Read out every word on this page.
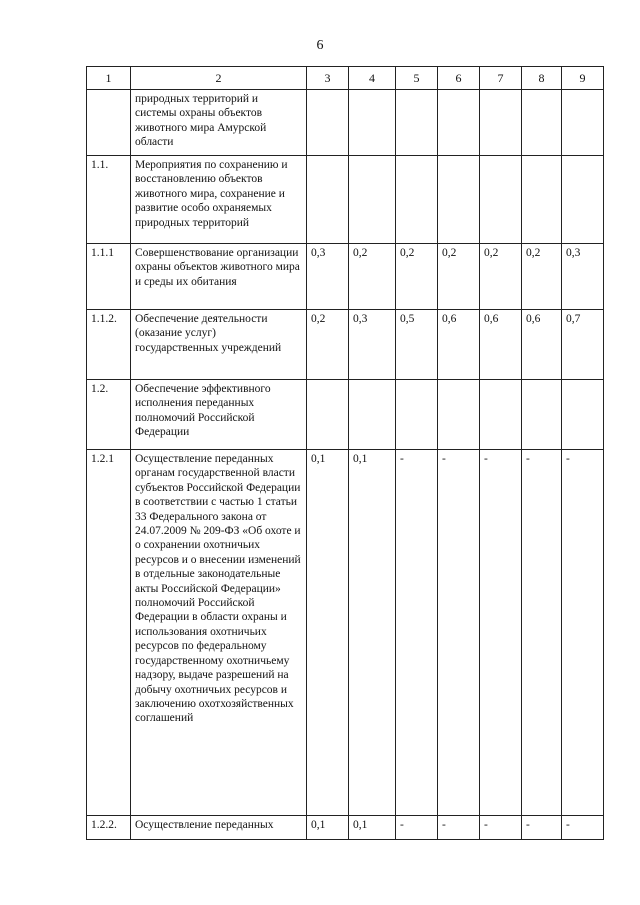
6
1	2	3	4	5	6	7	8	9
	природных территорий и системы охраны объектов животного мира Амурской области							
1.1.	Мероприятия по сохранению и восстановлению объектов животного мира, сохранение и развитие особо охраняемых природных территорий							
1.1.1	Совершенствование организации охраны объектов животного мира и среды их обитания	0,3	0,2	0,2	0,2	0,2	0,2	0,3
1.1.2.	Обеспечение деятельности (оказание услуг) государственных учреждений	0,2	0,3	0,5	0,6	0,6	0,6	0,7
1.2.	Обеспечение эффективного исполнения переданных полномочий Российской Федерации							
1.2.1	Осуществление переданных органам государственной власти субъектов Российской Федерации в соответствии с частью 1 статьи 33 Федерального закона от 24.07.2009 № 209-ФЗ «Об охоте и о сохранении охотничьих ресурсов и о внесении изменений в отдельные законодательные акты Российской Федерации» полномочий Российской Федерации в области охраны и использования охотничьих ресурсов по федеральному государственному охотничьему надзору, выдаче разрешений на добычу охотничьих ресурсов и заключению охотхозяйственных соглашений	0,1	0,1	-	-	-	-	-
1.2.2.	Осуществление переданных	0,1	0,1	-	-	-	-	-
